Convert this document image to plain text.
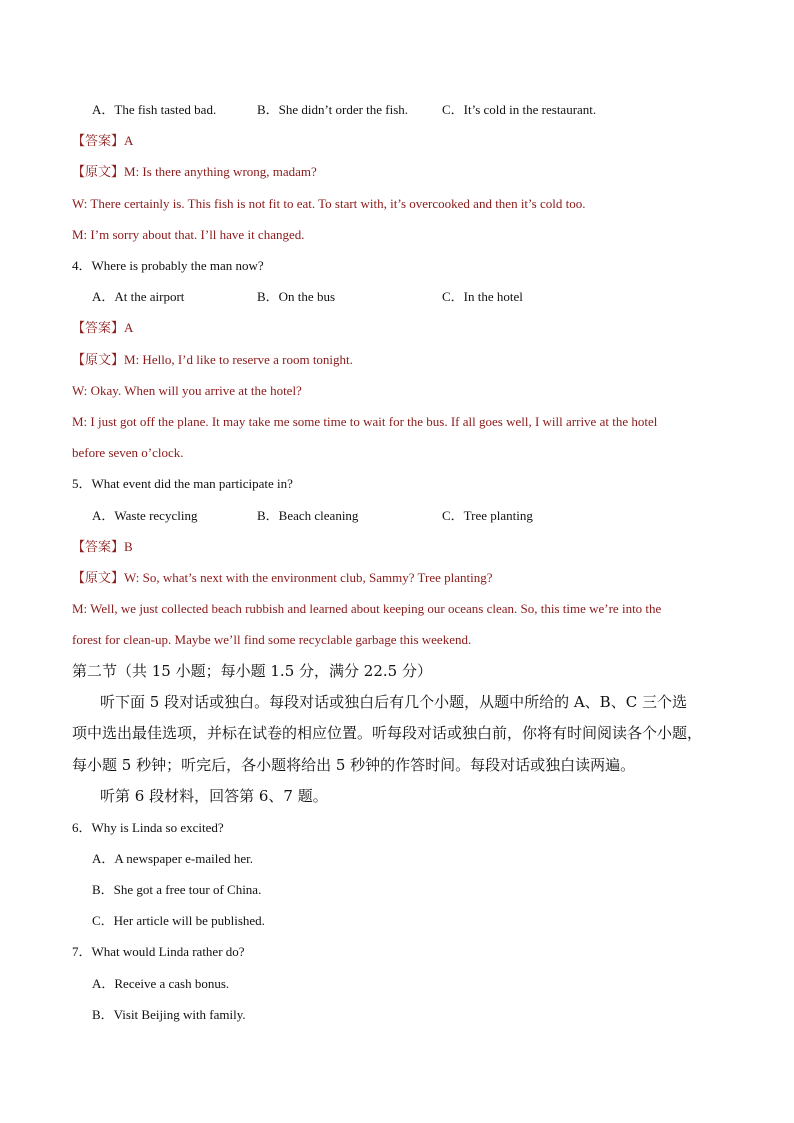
A．The fish tasted bad.	B．She didn’t order the fish.	C．It’s cold in the restaurant.
【答案】A
【原文】M: Is there anything wrong, madam?
W: There certainly is. This fish is not fit to eat. To start with, it’s overcooked and then it’s cold too.
M: I’m sorry about that. I’ll have it changed.
4．Where is probably the man now?
A．At the airport	B．On the bus	C．In the hotel
【答案】A
【原文】M: Hello, I’d like to reserve a room tonight.
W: Okay. When will you arrive at the hotel?
M: I just got off the plane. It may take me some time to wait for the bus. If all goes well, I will arrive at the hotel
before seven o’clock.
5．What event did the man participate in?
A．Waste recycling	B．Beach cleaning	C．Tree planting
【答案】B
【原文】W: So, what’s next with the environment club, Sammy? Tree planting?
M: Well, we just collected beach rubbish and learned about keeping our oceans clean. So, this time we’re into the
forest for clean-up. Maybe we’ll find some recyclable garbage this weekend.
第二节（共 15 小题；每小题 1.5 分，满分 22.5 分）
听下面 5 段对话或独白。每段对话或独白后有几个小题，从题中所给的 A、B、C 三个选
项中选出最佳选项，并标在试卷的相应位置。听每段对话或独白前，你将有时间阅读各个小题，
每小题 5 秒钟；听完后，各小题将给出 5 秒钟的作答时间。每段对话或独白读两遍。
听第 6 段材料，回答第 6、7 题。
6．Why is Linda so excited?
A．A newspaper e-mailed her.
B．She got a free tour of China.
C．Her article will be published.
7．What would Linda rather do?
A．Receive a cash bonus.
B．Visit Beijing with family.
